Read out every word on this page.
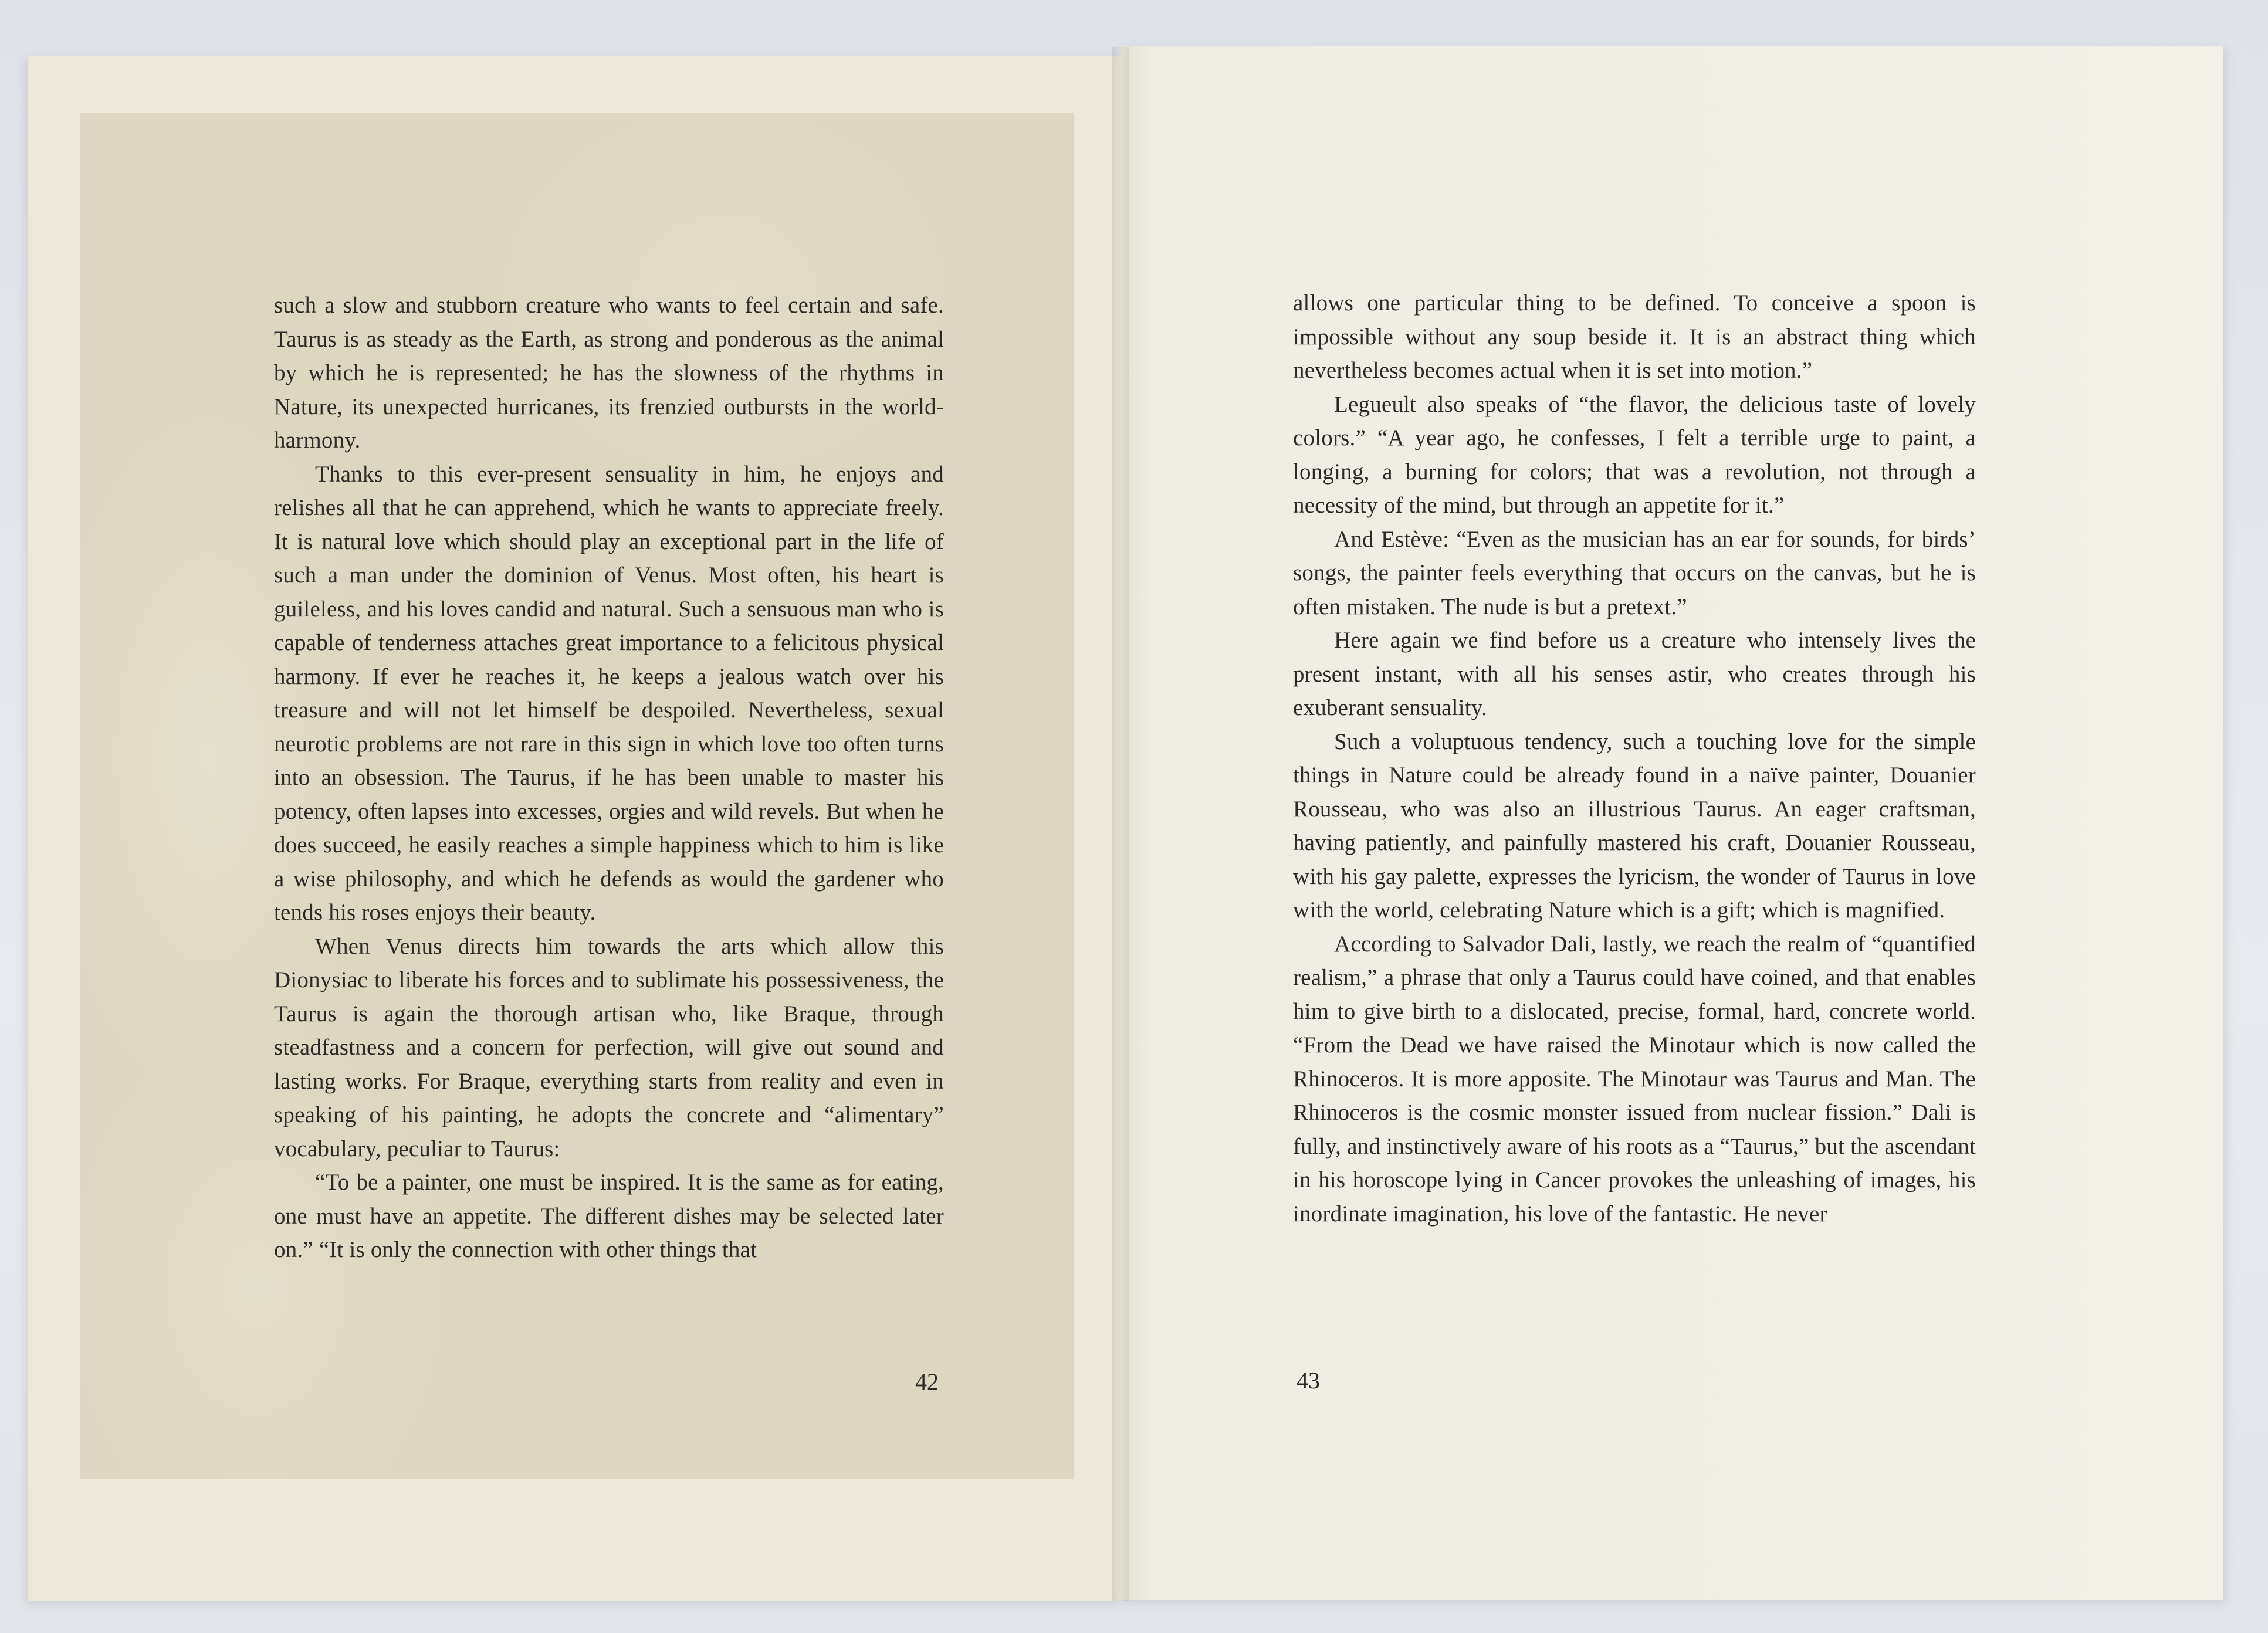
such a slow and stubborn creature who wants to feel certain and safe. Taurus is as steady as the Earth, as strong and ponderous as the animal by which he is represented; he has the slowness of the rhythms in Nature, its unexpected hurricanes, its frenzied outbursts in the world-harmony.

Thanks to this ever-present sensuality in him, he enjoys and relishes all that he can apprehend, which he wants to appreciate freely. It is natural love which should play an exceptional part in the life of such a man under the dominion of Venus. Most often, his heart is guileless, and his loves candid and natural. Such a sensuous man who is capable of tenderness attaches great importance to a felicitous physical harmony. If ever he reaches it, he keeps a jealous watch over his treasure and will not let himself be despoiled. Nevertheless, sexual neurotic problems are not rare in this sign in which love too often turns into an obsession. The Taurus, if he has been unable to master his potency, often lapses into excesses, orgies and wild revels. But when he does succeed, he easily reaches a simple happiness which to him is like a wise philosophy, and which he defends as would the gardener who tends his roses enjoys their beauty.

When Venus directs him towards the arts which allow this Dionysiac to liberate his forces and to sublimate his possessiveness, the Taurus is again the thorough artisan who, like Braque, through steadfastness and a concern for perfection, will give out sound and lasting works. For Braque, everything starts from reality and even in speaking of his painting, he adopts the concrete and “alimentary” vocabulary, peculiar to Taurus:

“To be a painter, one must be inspired. It is the same as for eating, one must have an appetite. The different dishes may be selected later on.” “It is only the connection with other things that

42

allows one particular thing to be defined. To conceive a spoon is impossible without any soup beside it. It is an abstract thing which nevertheless becomes actual when it is set into motion.”

Legueult also speaks of “the flavor, the delicious taste of lovely colors.” “A year ago, he confesses, I felt a terrible urge to paint, a longing, a burning for colors; that was a revolution, not through a necessity of the mind, but through an appetite for it.”

And Estève: “Even as the musician has an ear for sounds, for birds’ songs, the painter feels everything that occurs on the canvas, but he is often mistaken. The nude is but a pretext.”

Here again we find before us a creature who intensely lives the present instant, with all his senses astir, who creates through his exuberant sensuality.

Such a voluptuous tendency, such a touching love for the simple things in Nature could be already found in a naïve painter, Douanier Rousseau, who was also an illustrious Taurus. An eager craftsman, having patiently, and painfully mastered his craft, Douanier Rousseau, with his gay palette, expresses the lyricism, the wonder of Taurus in love with the world, celebrating Nature which is a gift; which is magnified.

According to Salvador Dali, lastly, we reach the realm of “quantified realism,” a phrase that only a Taurus could have coined, and that enables him to give birth to a dislocated, precise, formal, hard, concrete world. “From the Dead we have raised the Minotaur which is now called the Rhinoceros. It is more apposite. The Minotaur was Taurus and Man. The Rhinoceros is the cosmic monster issued from nuclear fission.” Dali is fully, and instinctively aware of his roots as a “Taurus,” but the ascendant in his horoscope lying in Cancer provokes the unleashing of images, his inordinate imagination, his love of the fantastic. He never

43
